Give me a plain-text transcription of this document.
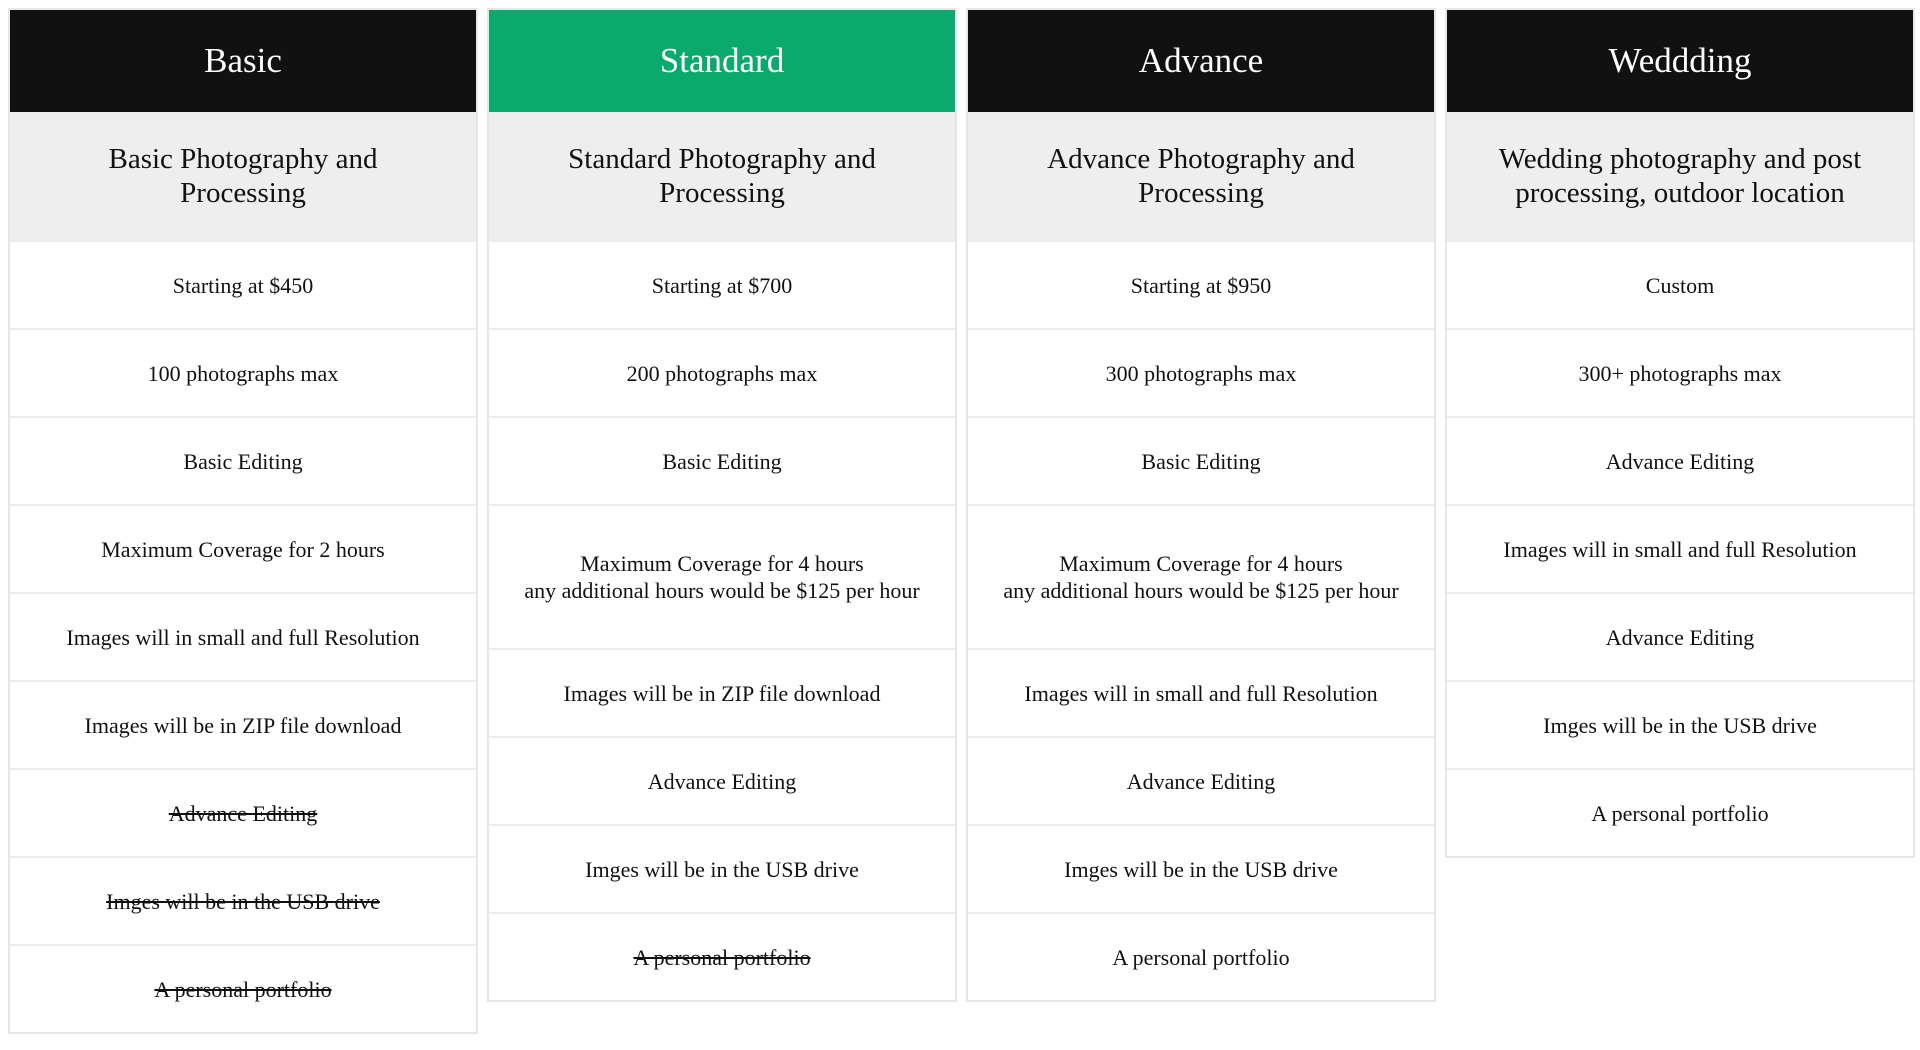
Basic
Basic Photography and Processing
Starting at $450
100 photographs max
Basic Editing
Maximum Coverage for 2 hours
Images will in small and full Resolution
Images will be in ZIP file download
Advance Editing
Imges will be in the USB drive
A personal portfolio
Standard
Standard Photography and Processing
Starting at $700
200 photographs max
Basic Editing
Maximum Coverage for 4 hours
any additional hours would be $125 per hour
Images will be in ZIP file download
Advance Editing
Imges will be in the USB drive
A personal portfolio
Advance
Advance Photography and Processing
Starting at $950
300 photographs max
Basic Editing
Maximum Coverage for 4 hours
any additional hours would be $125 per hour
Images will in small and full Resolution
Advance Editing
Imges will be in the USB drive
A personal portfolio
Weddding
Wedding photography and post processing, outdoor location
Custom
300+ photographs max
Advance Editing
Images will in small and full Resolution
Advance Editing
Imges will be in the USB drive
A personal portfolio
